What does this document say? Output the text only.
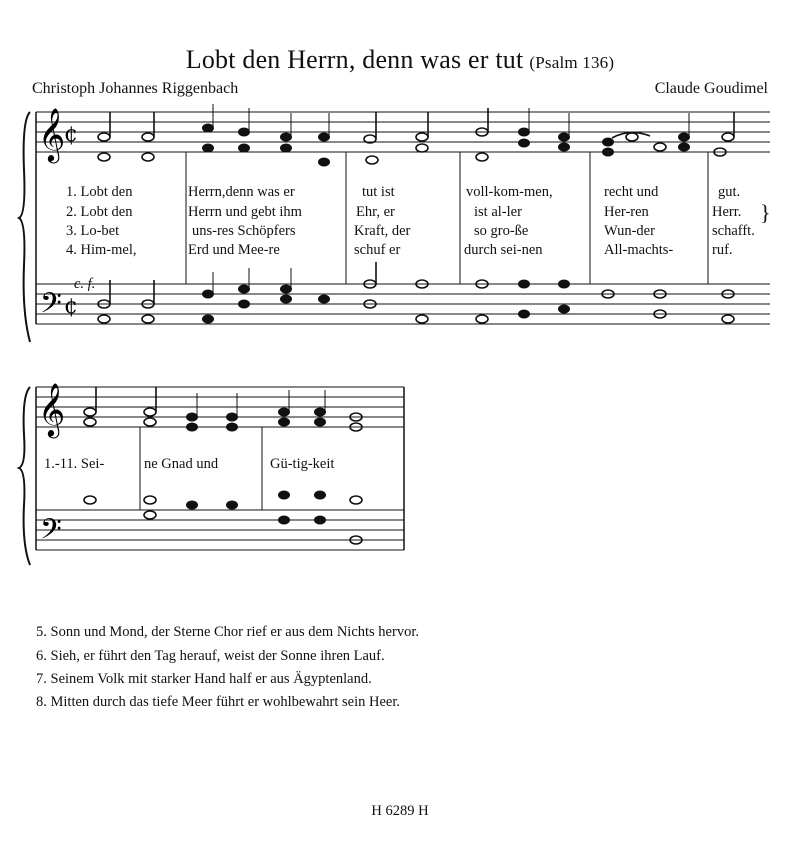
Lobt den Herrn, denn was er tut (Psalm 136)
Christoph Johannes Riggenbach	Claude Goudimel
𝄞
𝄢
𝄞
𝄢
¢
¢
c. f.
1. Lobt den	Herrn,denn was er	tut ist	voll-kom-men,	recht und	gut.
2. Lobt den	Herrn und gebt ihm	Ehr, er	ist al-ler	Her-ren	Herr.
3. Lo-bet	uns-res Schöpfers	Kraft, der	so gro-ße	Wun-der	schafft.
4. Him-mel,	Erd und Mee-re	schuf er	durch sei-nen	All-machts-	ruf.
}
1.-11. Sei-	ne Gnad und	Gü-tig-keit
5. Sonn und Mond, der Sterne Chor rief er aus dem Nichts hervor.
6. Sieh, er führt den Tag herauf, weist der Sonne ihren Lauf.
7. Seinem Volk mit starker Hand half er aus Ägyptenland.
8. Mitten durch das tiefe Meer führt er wohlbewahrt sein Heer.
H 6289 H
